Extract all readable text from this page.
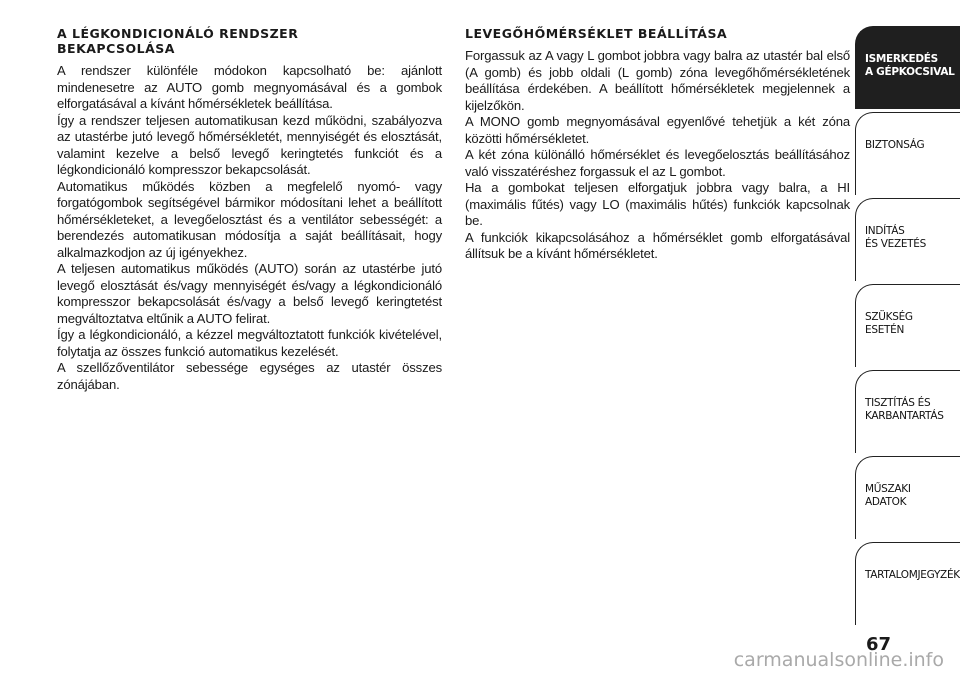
A LÉGKONDICIONÁLÓ RENDSZER
BEKAPCSOLÁSA

A rendszer különféle módokon kapcsolható be: ajánlott mindenesetre az AUTO gomb megnyomásával és a gombok elforgatásával a kívánt hőmérsékletek beállítása.

Így a rendszer teljesen automatikusan kezd működni, szabályozva az utastérbe jutó levegő hőmérsékletét, mennyiségét és elosztását, valamint kezelve a belső levegő keringtetés funkciót és a légkondicionáló kompresszor bekapcsolását.

Automatikus működés közben a megfelelő nyomó- vagy forgatógombok segítségével bármikor módosítani lehet a beállított hőmérsékleteket, a levegőelosztást és a ventilátor sebességét: a berendezés automatikusan módosítja a saját beállításait, hogy alkalmazkodjon az új igényekhez.

A teljesen automatikus működés (AUTO) során az utastérbe jutó levegő elosztását és/vagy mennyiségét és/vagy a légkondicionáló kompresszor bekapcsolását és/vagy a belső levegő keringtetést megváltoztatva eltűnik a AUTO felirat.

Így a légkondicionáló, a kézzel megváltoztatott funkciók kivételével, folytatja az összes funkció automatikus kezelését.

A szellőzőventilátor sebessége egységes az utastér összes zónájában.

LEVEGŐHŐMÉRSÉKLET BEÁLLÍTÁSA

Forgassuk az A vagy L gombot jobbra vagy balra az utastér bal első (A gomb) és jobb oldali (L gomb) zóna levegőhőmérsékletének beállítása érdekében. A beállított hőmérsékletek megjelennek a kijelzőkön.

A MONO gomb megnyomásával egyenlővé tehetjük a két zóna közötti hőmérsékletet.

A két zóna különálló hőmérséklet és levegőelosztás beállításához való visszatéréshez forgassuk el az L gombot.

Ha a gombokat teljesen elforgatjuk jobbra vagy balra, a HI (maximális fűtés) vagy LO (maximális hűtés) funkciók kapcsolnak be.

A funkciók kikapcsolásához a hőmérséklet gomb elforgatásával állítsuk be a kívánt hőmérsékletet.

ISMERKEDÉS
A GÉPKOCSIVAL
BIZTONSÁG
INDÍTÁS
ÉS VEZETÉS
SZÜKSÉG
ESETÉN
TISZTÍTÁS ÉS
KARBANTARTÁS
MŰSZAKI
ADATOK
TARTALOMJEGYZÉK
67
carmanualsonline.info
